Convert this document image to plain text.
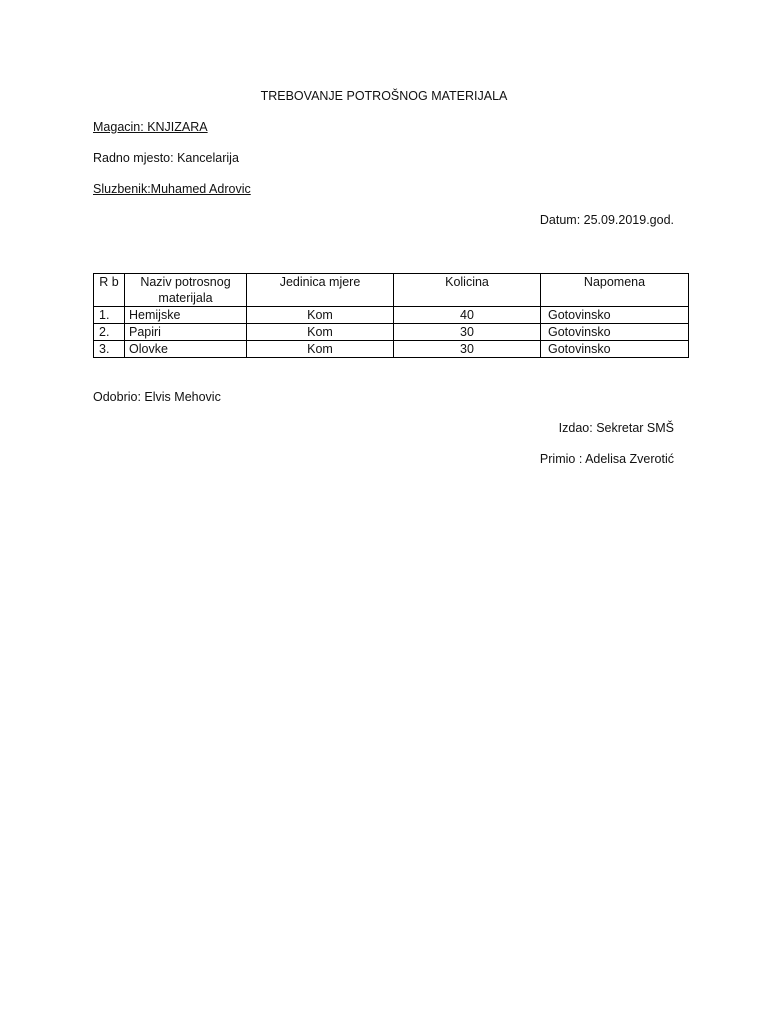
TREBOVANJE POTROŠNOG MATERIJALA
Magacin: KNJIZARA
Radno mjesto: Kancelarija
Sluzbenik:Muhamed Adrovic
Datum: 25.09.2019.god.
R b	Naziv potrosnog materijala	Jedinica mjere	Kolicina	Napomena
1.	Hemijske	Kom	40	Gotovinsko
2.	Papiri	Kom	30	Gotovinsko
3.	Olovke	Kom	30	Gotovinsko
Odobrio: Elvis Mehovic
Izdao: Sekretar SMŠ
Primio : Adelisa Zverotić
